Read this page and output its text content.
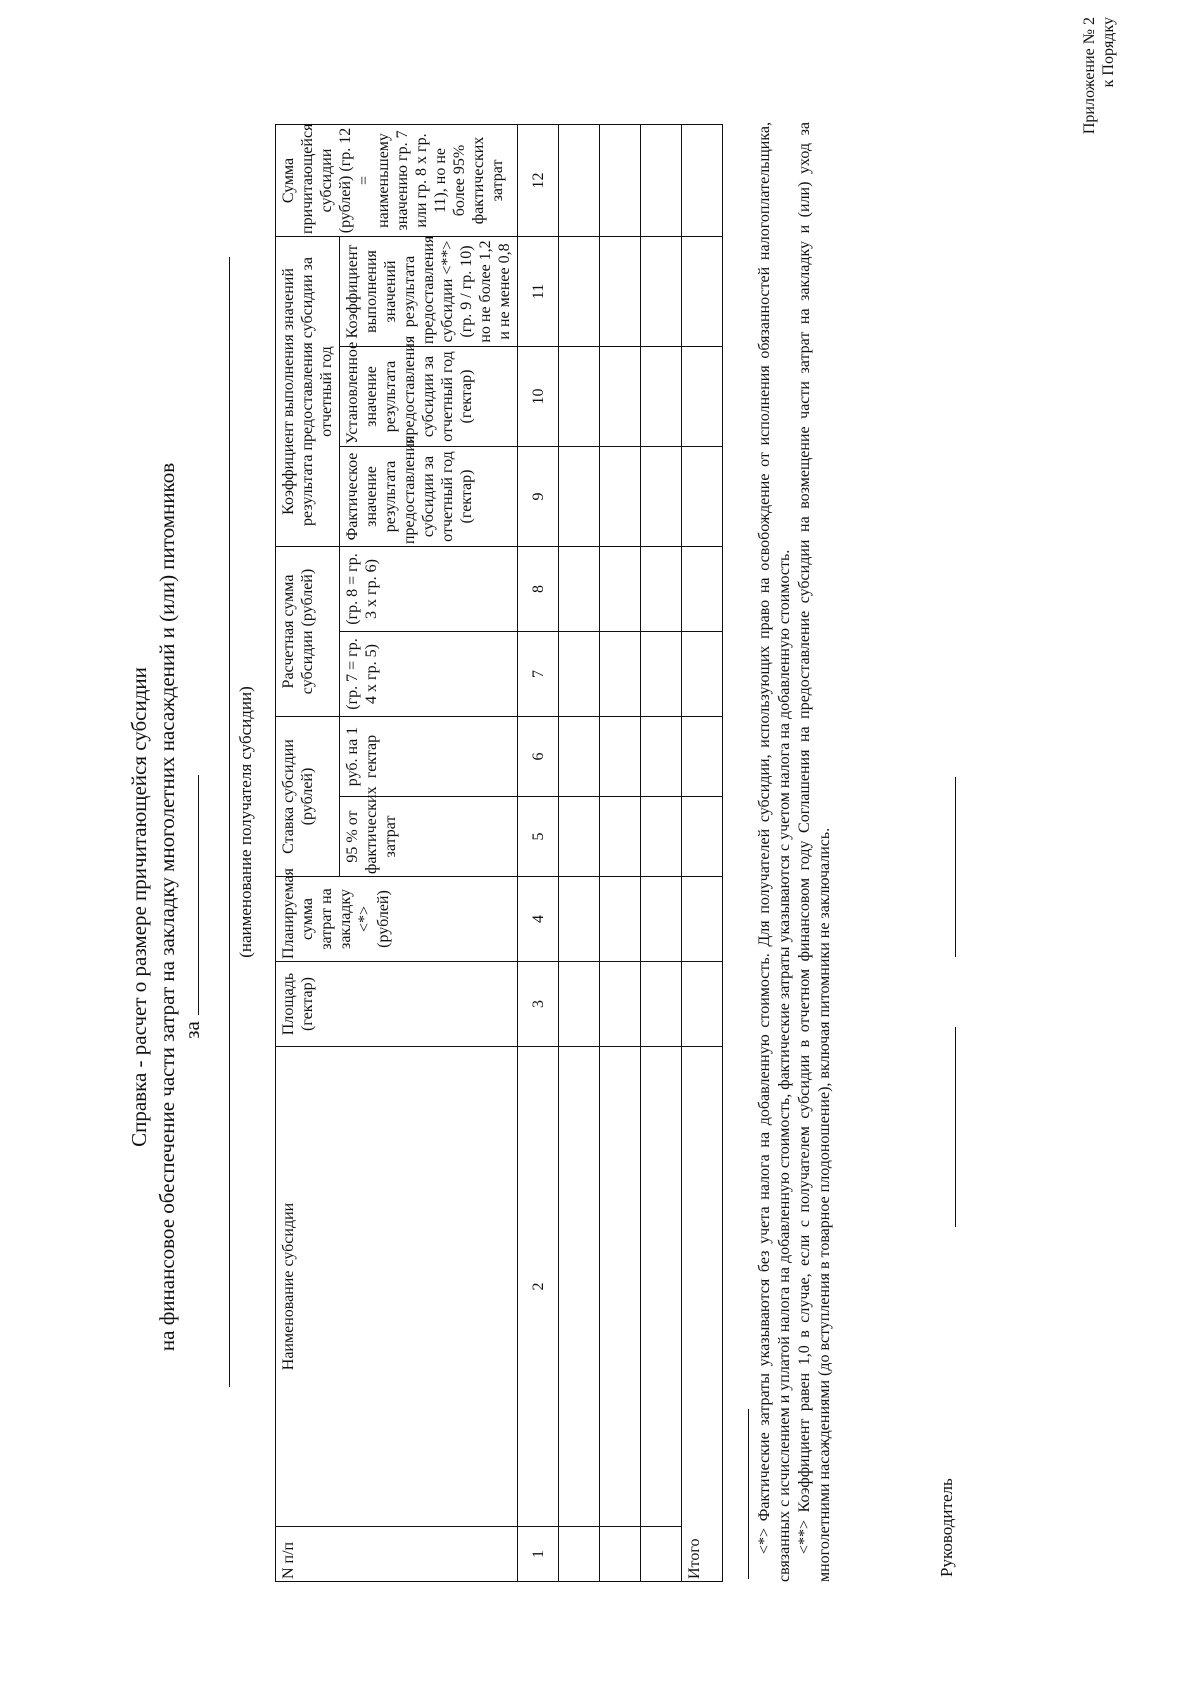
Приложение № 2 к Порядку
Справка - расчет о размере причитающейся субсидии на финансовое обеспечение части затрат на закладку многолетних насаждений и (или) питомников за
(наименование получателя субсидии)
N п/п	Наименование субсидии	Площадь (гектар)	Планируемая сумма затрат на закладку <*> (рублей)	Ставка субсидии (рублей)		Расчетная сумма субсидии (рублей)		Коэффициент выполнения значений результата предоставления субсидии за отчетный год			Сумма причитающейся субсидии (рублей) (гр. 12 = наименьшему значению гр. 7 или гр. 8 х гр. 11), но не более 95% фактических затрат
				95 % от фактических затрат	руб. на 1 гектар	(гр. 7 = гр. 4 х гр. 5)	(гр. 8 = гр. 3 х гр. 6)	Фактическое значение результата предоставления субсидии за отчетный год (гектар)	Установленное значение результата предоставления субсидии за отчетный год (гектар)	Коэффициент выполнения значений результата предоставления субсидии <**> (гр. 9 / гр. 10) но не более 1,2 и не менее 0,8	
1	2	3	4	5	6	7	8	9	10	11	12

Итого											

<*> Фактические затраты указываются без учета налога на добавленную стоимость. Для получателей субсидии, использующих право на освобождение от исполнения обязанностей налогоплательщика, связанных с исчислением и уплатой налога на добавленную стоимость, фактические затраты указываются с учетом налога на добавленную стоимость. <**> Коэффициент равен 1,0 в случае, если с получателем субсидии в отчетном финансовом году Соглашения на предоставление субсидии на возмещение части затрат на закладку и (или) уход за многолетними насаждениями (до вступления в товарное плодоношение), включая питомники не заключались.	Руководитель
